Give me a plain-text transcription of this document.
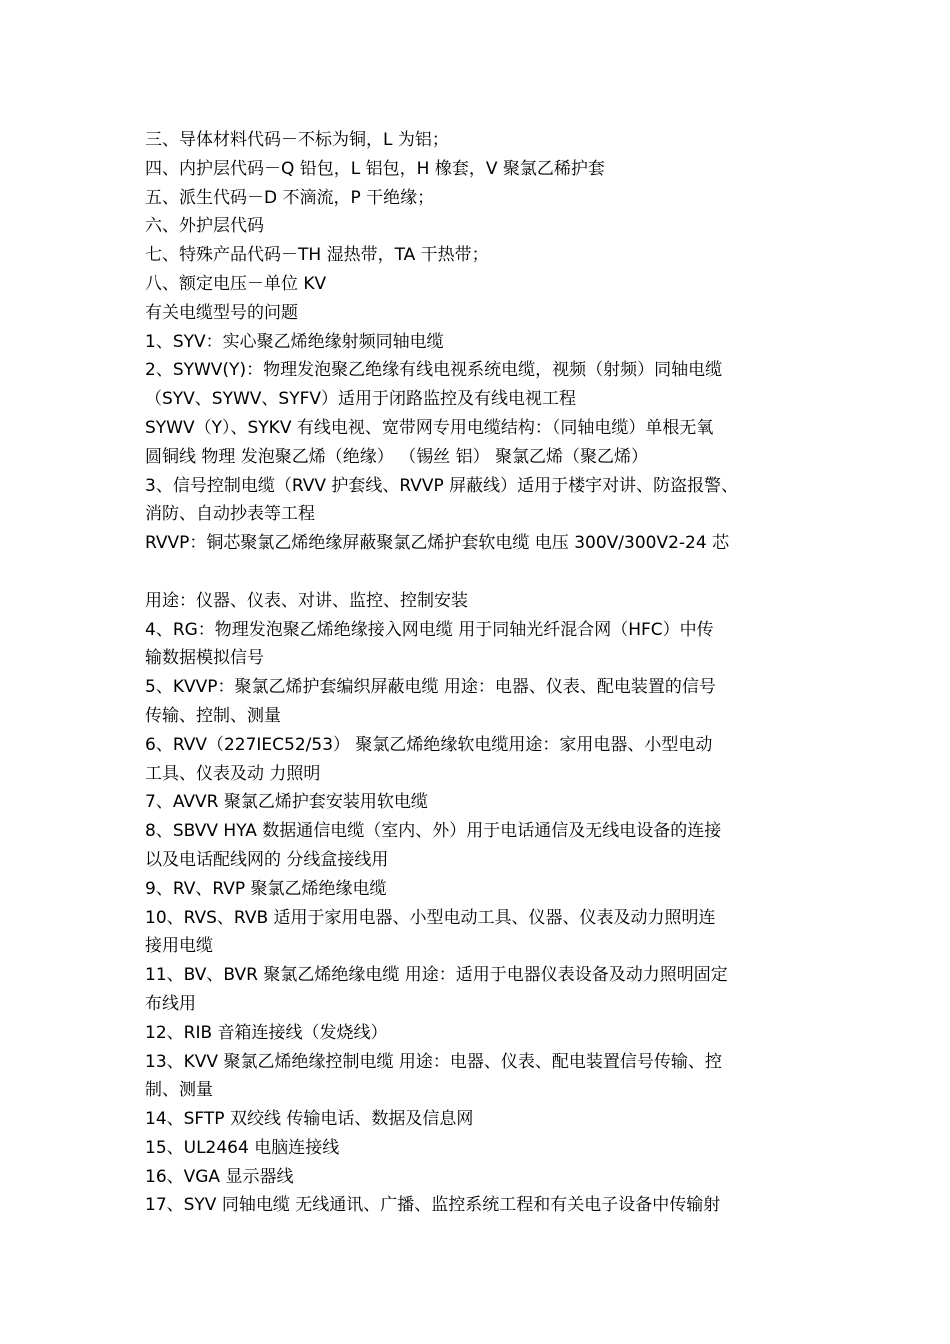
三、导体材料代码－不标为铜，L 为铝；
四、内护层代码－Q 铅包，L 铝包，H 橡套，V 聚氯乙稀护套
五、派生代码－D 不滴流，P 干绝缘；
六、外护层代码
七、特殊产品代码－TH 湿热带，TA 干热带；
八、额定电压－单位 KV
有关电缆型号的问题
1、SYV：实心聚乙烯绝缘射频同轴电缆
2、SYWV(Y)：物理发泡聚乙绝缘有线电视系统电缆，视频（射频）同轴电缆
（SYV、SYWV、SYFV）适用于闭路监控及有线电视工程
SYWV（Y）、SYKV 有线电视、宽带网专用电缆结构：（同轴电缆）单根无氧
圆铜线 物理 发泡聚乙烯（绝缘） （锡丝 铝） 聚氯乙烯（聚乙烯）
3、信号控制电缆（RVV 护套线、RVVP 屏蔽线）适用于楼宇对讲、防盗报警、
消防、自动抄表等工程
RVVP：铜芯聚氯乙烯绝缘屏蔽聚氯乙烯护套软电缆 电压 300V/300V2-24 芯
用途：仪器、仪表、对讲、监控、控制安装
4、RG：物理发泡聚乙烯绝缘接入网电缆 用于同轴光纤混合网（HFC）中传
输数据模拟信号
5、KVVP：聚氯乙烯护套编织屏蔽电缆 用途：电器、仪表、配电装置的信号
传输、控制、测量
6、RVV（227IEC52/53） 聚氯乙烯绝缘软电缆用途：家用电器、小型电动
工具、仪表及动 力照明
7、AVVR 聚氯乙烯护套安装用软电缆
8、SBVV HYA 数据通信电缆（室内、外）用于电话通信及无线电设备的连接
以及电话配线网的 分线盒接线用
9、RV、RVP 聚氯乙烯绝缘电缆
10、RVS、RVB 适用于家用电器、小型电动工具、仪器、仪表及动力照明连
接用电缆
11、BV、BVR 聚氯乙烯绝缘电缆 用途：适用于电器仪表设备及动力照明固定
布线用
12、RIB 音箱连接线（发烧线）
13、KVV 聚氯乙烯绝缘控制电缆 用途：电器、仪表、配电装置信号传输、控
制、测量
14、SFTP 双绞线 传输电话、数据及信息网
15、UL2464 电脑连接线
16、VGA 显示器线
17、SYV 同轴电缆 无线通讯、广播、监控系统工程和有关电子设备中传输射
